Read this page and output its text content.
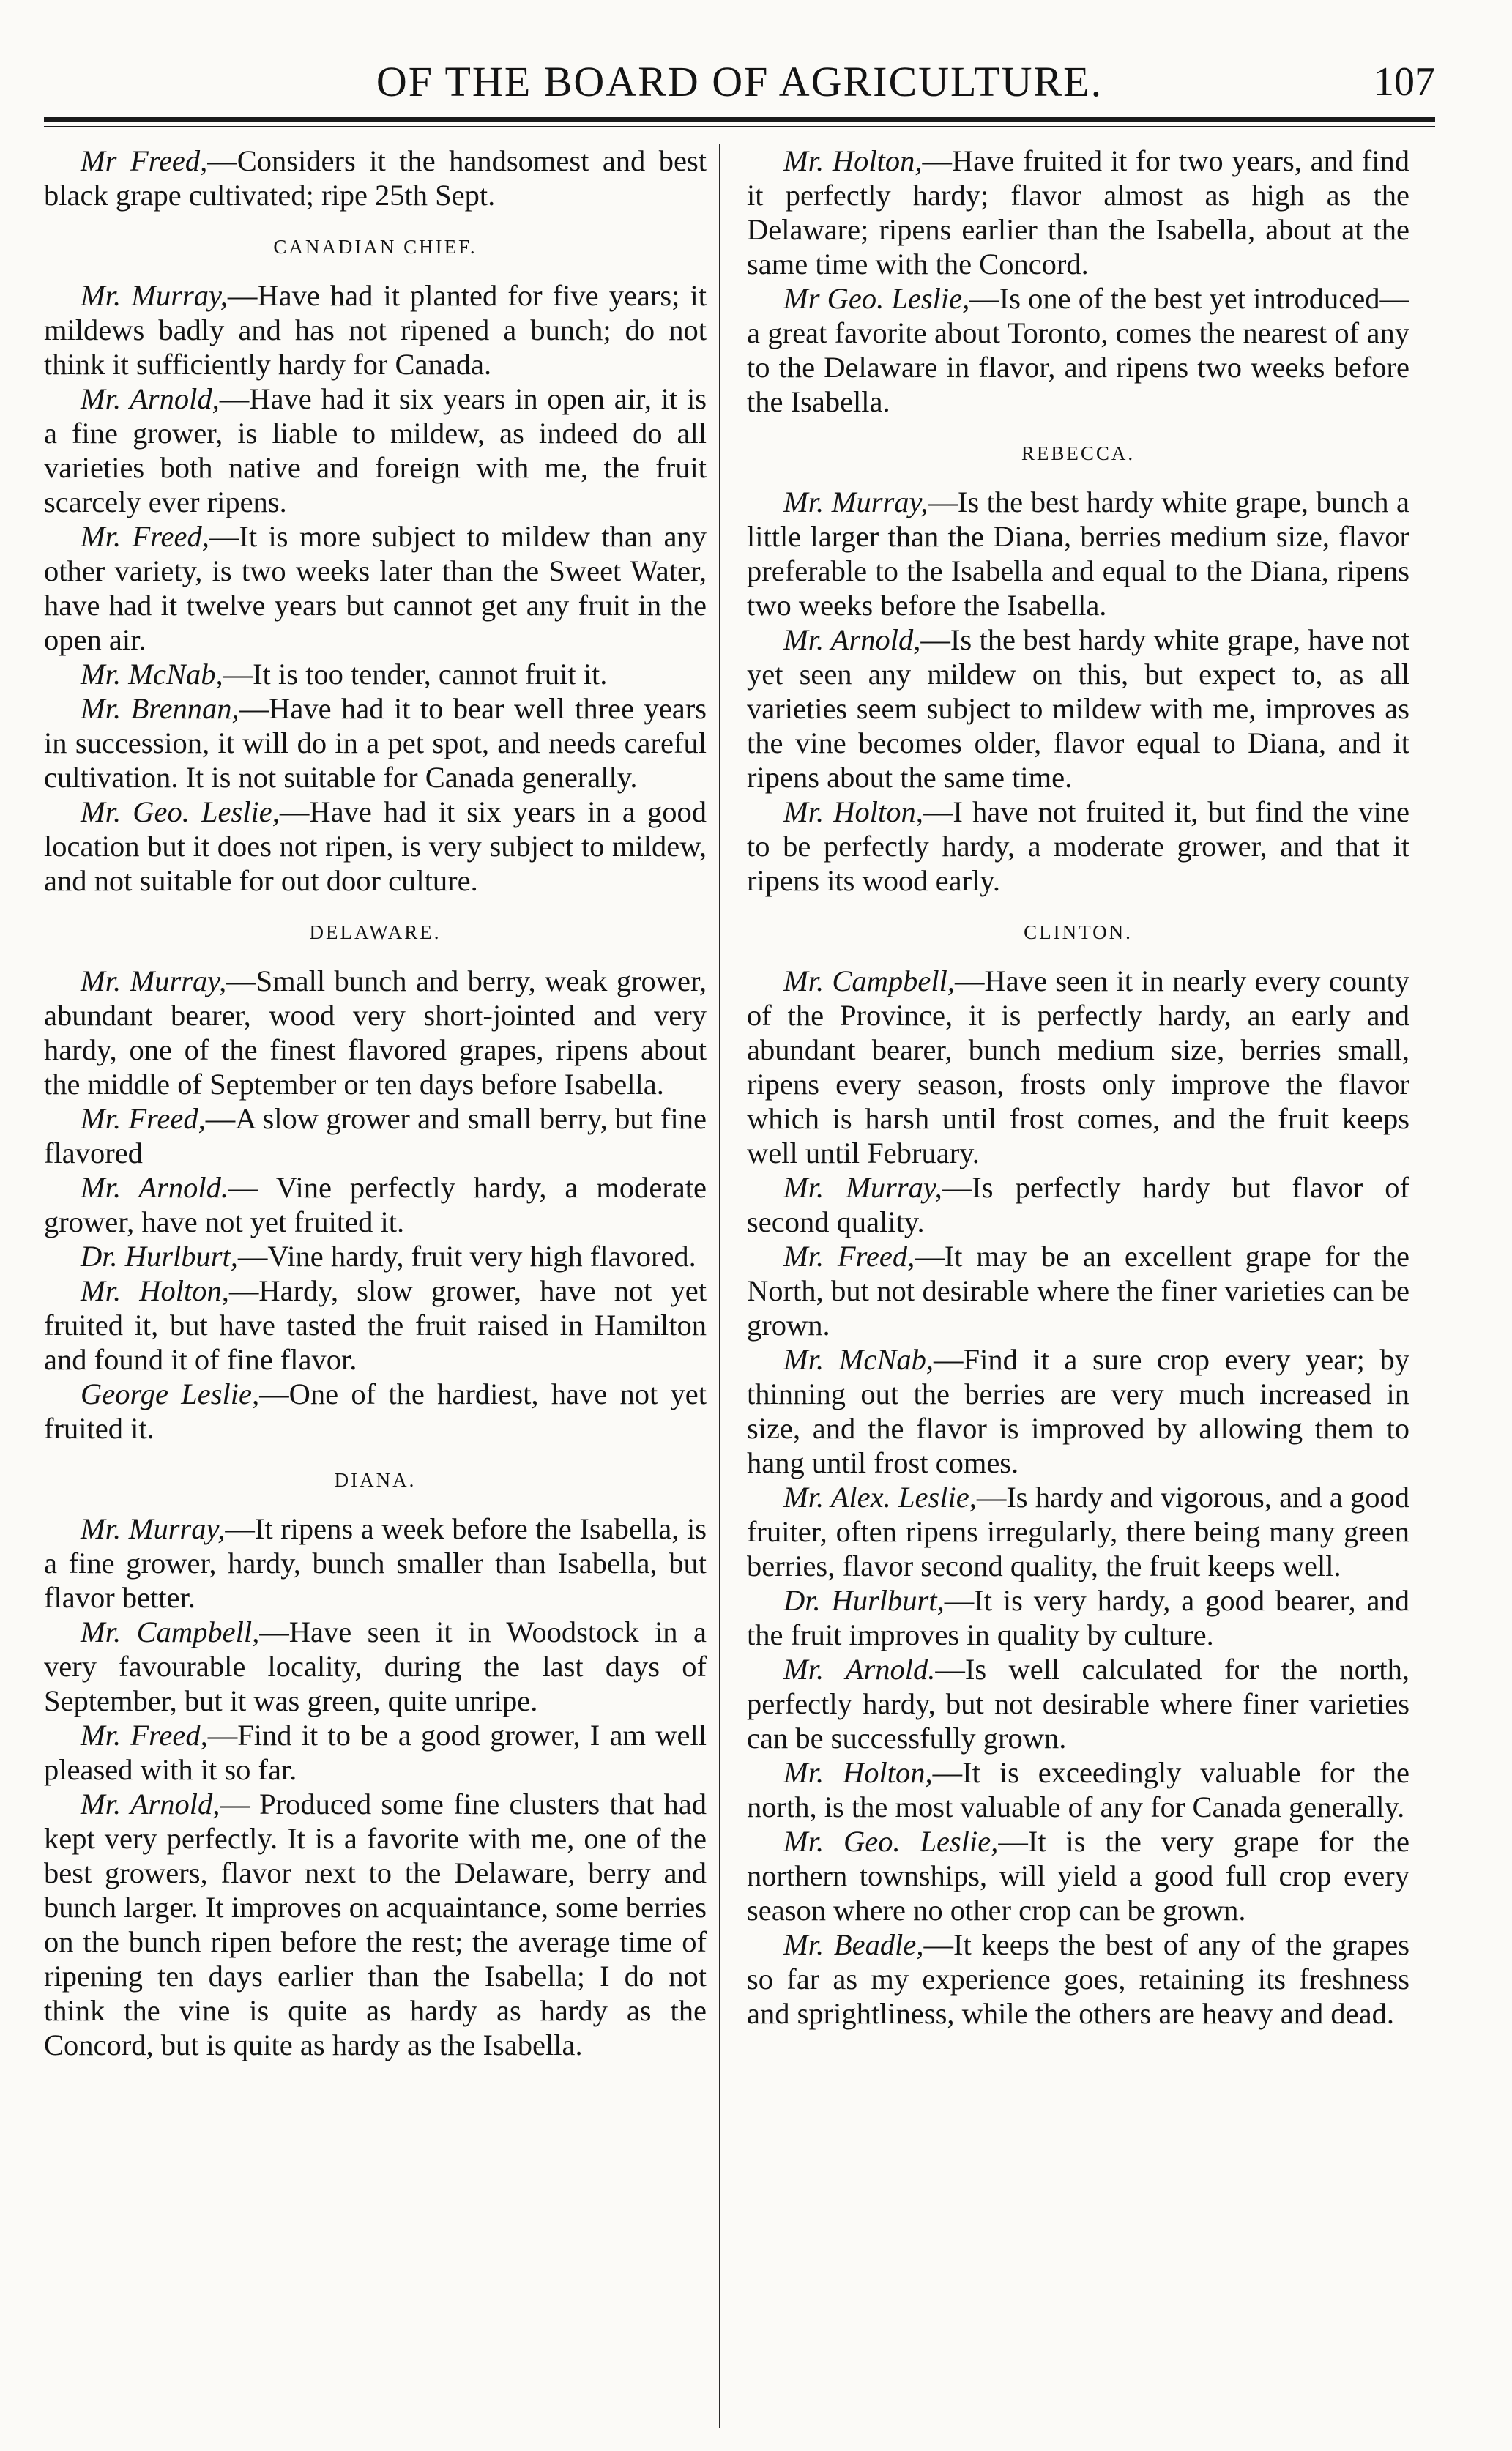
OF THE BOARD OF AGRICULTURE.	107

Mr Freed,—Considers it the handsomest and best black grape cultivated; ripe 25th Sept.

CANADIAN CHIEF.

Mr. Murray,—Have had it planted for five years; it mildews badly and has not ripened a bunch; do not think it sufficiently hardy for Canada.

Mr. Arnold,—Have had it six years in open air, it is a fine grower, is liable to mildew, as indeed do all varieties both native and foreign with me, the fruit scarcely ever ripens.

Mr. Freed,—It is more subject to mildew than any other variety, is two weeks later than the Sweet Water, have had it twelve years but cannot get any fruit in the open air.

Mr. McNab,—It is too tender, cannot fruit it.

Mr. Brennan,—Have had it to bear well three years in succession, it will do in a pet spot, and needs careful cultivation. It is not suitable for Canada generally.

Mr. Geo. Leslie,—Have had it six years in a good location but it does not ripen, is very subject to mildew, and not suitable for out door culture.

DELAWARE.

Mr. Murray,—Small bunch and berry, weak grower, abundant bearer, wood very short-jointed and very hardy, one of the finest flavored grapes, ripens about the middle of September or ten days before Isabella.

Mr. Freed,—A slow grower and small berry, but fine flavored

Mr. Arnold.— Vine perfectly hardy, a moderate grower, have not yet fruited it.

Dr. Hurlburt,—Vine hardy, fruit very high flavored.

Mr. Holton,—Hardy, slow grower, have not yet fruited it, but have tasted the fruit raised in Hamilton and found it of fine flavor.

George Leslie,—One of the hardiest, have not yet fruited it.

DIANA.

Mr. Murray,—It ripens a week before the Isabella, is a fine grower, hardy, bunch smaller than Isabella, but flavor better.

Mr. Campbell,—Have seen it in Woodstock in a very favourable locality, during the last days of September, but it was green, quite unripe.

Mr. Freed,—Find it to be a good grower, I am well pleased with it so far.

Mr. Arnold,— Produced some fine clusters that had kept very perfectly. It is a favorite with me, one of the best growers, flavor next to the Delaware, berry and bunch larger. It improves on acquaintance, some berries on the bunch ripen before the rest; the average time of ripening ten days earlier than the Isabella; I do not think the vine is quite as hardy as hardy as the Concord, but is quite as hardy as the Isabella.

Mr. Holton,—Have fruited it for two years, and find it perfectly hardy; flavor almost as high as the Delaware; ripens earlier than the Isabella, about at the same time with the Concord.

Mr Geo. Leslie,—Is one of the best yet introduced—a great favorite about Toronto, comes the nearest of any to the Delaware in flavor, and ripens two weeks before the Isabella.

REBECCA.

Mr. Murray,—Is the best hardy white grape, bunch a little larger than the Diana, berries medium size, flavor preferable to the Isabella and equal to the Diana, ripens two weeks before the Isabella.

Mr. Arnold,—Is the best hardy white grape, have not yet seen any mildew on this, but expect to, as all varieties seem subject to mildew with me, improves as the vine becomes older, flavor equal to Diana, and it ripens about the same time.

Mr. Holton,—I have not fruited it, but find the vine to be perfectly hardy, a moderate grower, and that it ripens its wood early.

CLINTON.

Mr. Campbell,—Have seen it in nearly every county of the Province, it is perfectly hardy, an early and abundant bearer, bunch medium size, berries small, ripens every season, frosts only improve the flavor which is harsh until frost comes, and the fruit keeps well until February.

Mr. Murray,—Is perfectly hardy but flavor of second quality.

Mr. Freed,—It may be an excellent grape for the North, but not desirable where the finer varieties can be grown.

Mr. McNab,—Find it a sure crop every year; by thinning out the berries are very much increased in size, and the flavor is improved by allowing them to hang until frost comes.

Mr. Alex. Leslie,—Is hardy and vigorous, and a good fruiter, often ripens irregularly, there being many green berries, flavor second quality, the fruit keeps well.

Dr. Hurlburt,—It is very hardy, a good bearer, and the fruit improves in quality by culture.

Mr. Arnold.—Is well calculated for the north, perfectly hardy, but not desirable where finer varieties can be successfully grown.

Mr. Holton,—It is exceedingly valuable for the north, is the most valuable of any for Canada generally.

Mr. Geo. Leslie,—It is the very grape for the northern townships, will yield a good full crop every season where no other crop can be grown.

Mr. Beadle,—It keeps the best of any of the grapes so far as my experience goes, retaining its freshness and sprightliness, while the others are heavy and dead.
